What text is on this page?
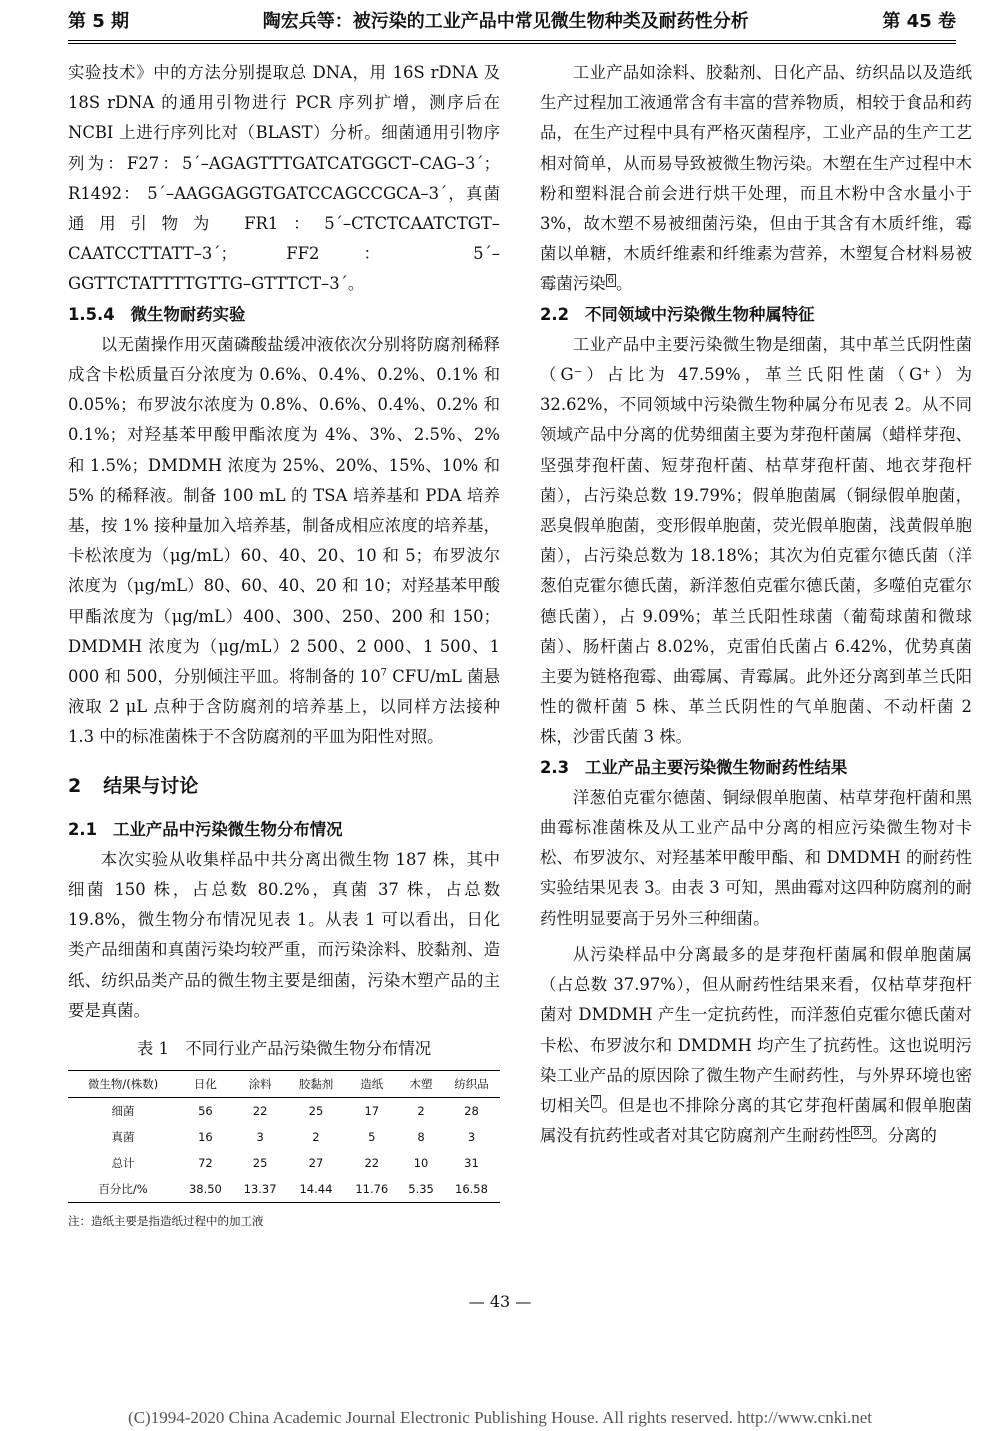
第 5 期	陶宏兵等：被污染的工业产品中常见微生物种类及耐药性分析	第 45 卷

实验技术》中的方法分别提取总 DNA，用 16S rDNA 及 18S rDNA 的通用引物进行 PCR 序列扩增，测序后在 NCBI 上进行序列比对（BLAST）分析。细菌通用引物序列为：F27：5´–AGAGTTTGATCATGGCT–CAG–3´； R1492： 5´–AAGGAGGTGATCCAGCCGCA–3´，真菌通用引物为 FR1：5´–CTCTCAATCTGT–CAATCCTTATT–3´； FF2： 5´–GGTTCTATTTTGTTG–GTTTCT–3´。

1.5.4 微生物耐药实验

以无菌操作用灭菌磷酸盐缓冲液依次分别将防腐剂稀释成含卡松质量百分浓度为 0.6%、0.4%、0.2%、0.1% 和 0.05%；布罗波尔浓度为 0.8%、0.6%、0.4%、0.2% 和 0.1%；对羟基苯甲酸甲酯浓度为 4%、3%、2.5%、2% 和 1.5%；DMDMH 浓度为 25%、20%、15%、10% 和 5% 的稀释液。制备 100 mL 的 TSA 培养基和 PDA 培养基，按 1% 接种量加入培养基，制备成相应浓度的培养基，卡松浓度为（μg/mL）60、40、20、10 和 5；布罗波尔浓度为（μg/mL）80、60、40、20 和 10；对羟基苯甲酸甲酯浓度为（μg/mL）400、300、250、200 和 150；DMDMH 浓度为（μg/mL）2 500、2 000、1 500、1 000 和 500，分别倾注平皿。将制备的 $10^7$ CFU/mL 菌悬液取 2 μL 点种于含防腐剂的培养基上，以同样方法接种 1.3 中的标准菌株于不含防腐剂的平皿为阳性对照。

2 结果与讨论
2.1 工业产品中污染微生物分布情况

本次实验从收集样品中共分离出微生物 187 株，其中细菌 150 株，占总数 80.2%，真菌 37 株，占总数 19.8%，微生物分布情况见表 1。从表 1 可以看出，日化类产品细菌和真菌污染均较严重，而污染涂料、胶黏剂、造纸、纺织品类产品的微生物主要是细菌，污染木塑产品的主要是真菌。

表 1　不同行业产品污染微生物分布情况
微生物/(株数)	日化	涂料	胶黏剂	造纸	木塑	纺织品
细菌	56	22	25	17	2	28
真菌	16	3	2	5	8	3
总计	72	25	27	22	10	31
百分比/%	38.50	13.37	14.44	11.76	5.35	16.58
注：造纸主要是指造纸过程中的加工液

工业产品如涂料、胶黏剂、日化产品、纺织品以及造纸生产过程加工液通常含有丰富的营养物质，相较于食品和药品，在生产过程中具有严格灭菌程序，工业产品的生产工艺相对简单，从而易导致被微生物污染。木塑在生产过程中木粉和塑料混合前会进行烘干处理，而且木粉中含水量小于 3%，故木塑不易被细菌污染，但由于其含有木质纤维，霉菌以单糖，木质纤维素和纤维素为营养，木塑复合材料易被霉菌污染 $^6$ 。

2.2 不同领域中污染微生物种属特征

工业产品中主要污染微生物是细菌，其中革兰氏阴性菌（G⁻）占比为 47.59%，革兰氏阳性菌（G⁺）为 32.62%，不同领域中污染微生物种属分布见表 2。从不同领域产品中分离的优势细菌主要为芽孢杆菌属（蜡样芽孢、坚强芽孢杆菌、短芽孢杆菌、枯草芽孢杆菌、地衣芽孢杆菌），占污染总数 19.79%；假单胞菌属（铜绿假单胞菌，恶臭假单胞菌，变形假单胞菌，荧光假单胞菌，浅黄假单胞菌），占污染总数为 18.18%；其次为伯克霍尔德氏菌（洋葱伯克霍尔德氏菌，新洋葱伯克霍尔德氏菌，多噬伯克霍尔德氏菌），占 9.09%；革兰氏阳性球菌（葡萄球菌和微球菌）、肠杆菌占 8.02%，克雷伯氏菌占 6.42%，优势真菌主要为链格孢霉、曲霉属、青霉属。此外还分离到革兰氏阳性的微杆菌 5 株、革兰氏阴性的气单胞菌、不动杆菌 2 株，沙雷氏菌 3 株。

2.3 工业产品主要污染微生物耐药性结果

洋葱伯克霍尔德菌、铜绿假单胞菌、枯草芽孢杆菌和黑曲霉标准菌株及从工业产品中分离的相应污染微生物对卡松、布罗波尔、对羟基苯甲酸甲酯、和 DMDMH 的耐药性实验结果见表 3。由表 3 可知，黑曲霉对这四种防腐剂的耐药性明显要高于另外三种细菌。

从污染样品中分离最多的是芽孢杆菌属和假单胞菌属（占总数 37.97%），但从耐药性结果来看，仅枯草芽孢杆菌对 DMDMH 产生一定抗药性，而洋葱伯克霍尔德氏菌对卡松、布罗波尔和 DMDMH 均产生了抗药性。这也说明污染工业产品的原因除了微生物产生耐药性，与外界环境也密切相关 $^7$ 。但是也不排除分离的其它芽孢杆菌属和假单胞菌属没有抗药性或者对其它防腐剂产生耐药性 $^{8,9}$ 。分离的

— 43 —
(C)1994-2020 China Academic Journal Electronic Publishing House. All rights reserved. http://www.cnki.net
